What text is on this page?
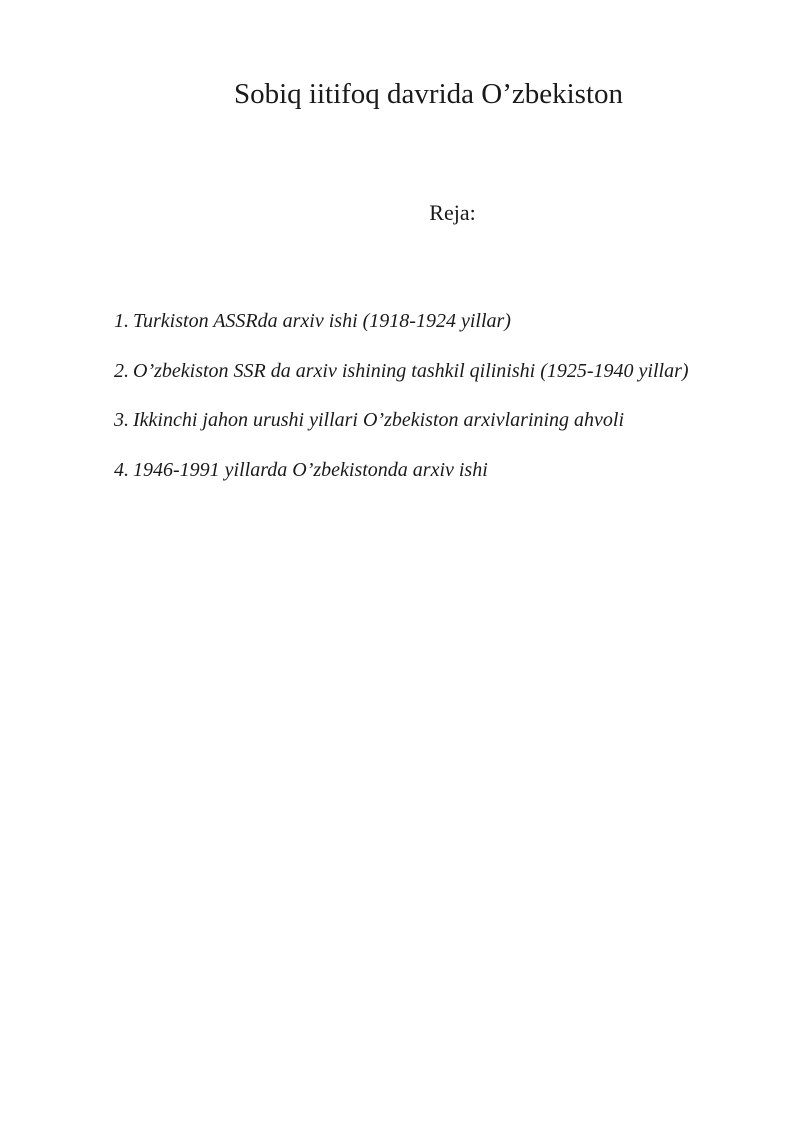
Sobiq iitifoq davrida O’zbekiston

Reja:

1. Turkiston ASSRda arxiv ishi (1918-1924 yillar)
2. O’zbekiston SSR da arxiv ishining tashkil qilinishi (1925-1940 yillar)
3. Ikkinchi jahon urushi yillari O’zbekiston arxivlarining ahvoli
4. 1946-1991 yillarda O’zbekistonda arxiv ishi
